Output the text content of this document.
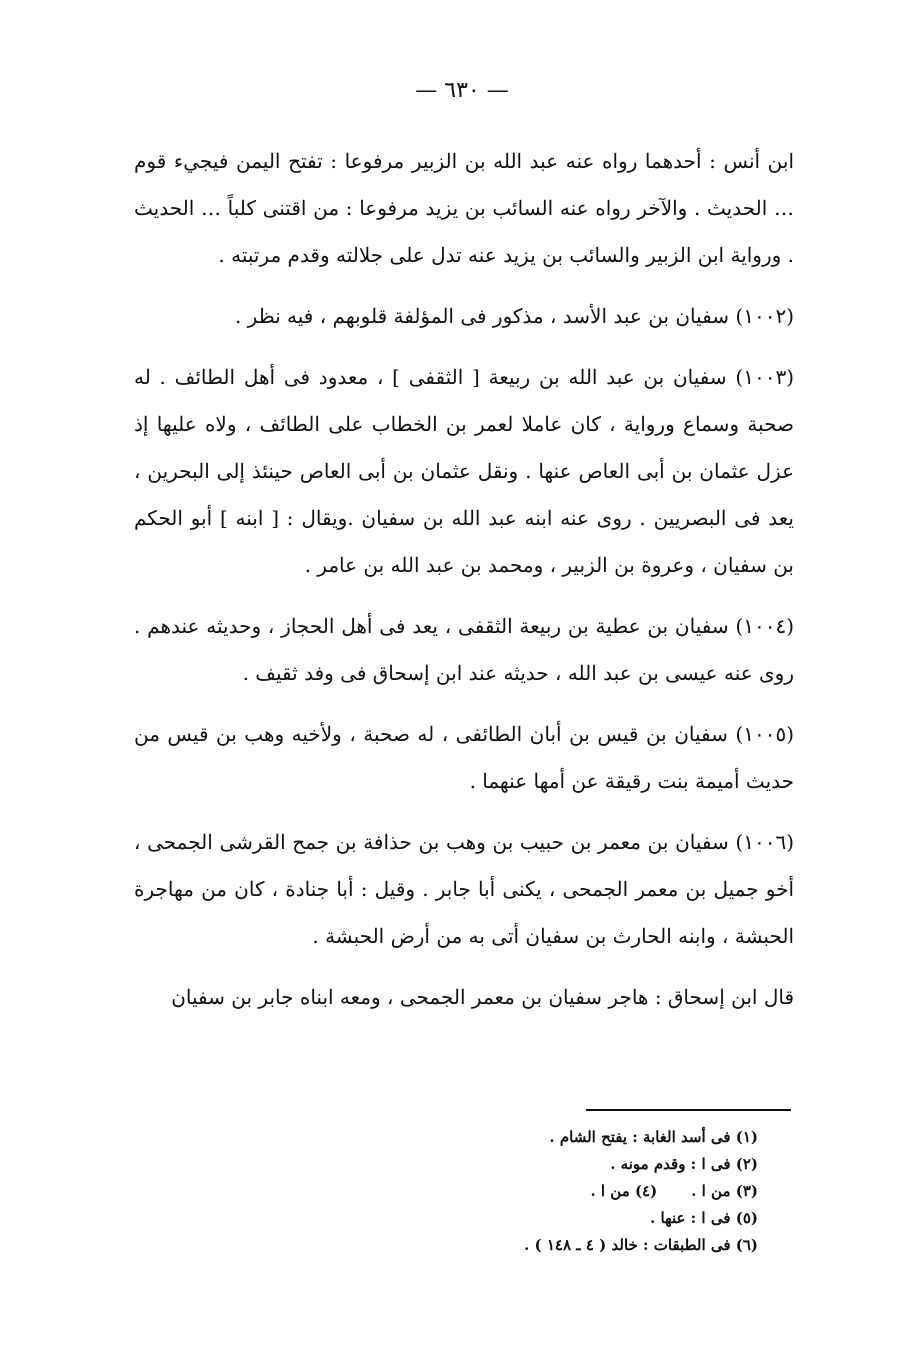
— ٦٣٠ —

ابن أنس : أحدهما رواه عنه عبد الله بن الزبير مرفوعا : تفتح اليمن فيجيء قوم … الحديث . والآخر رواه عنه السائب بن يزيد مرفوعا : من اقتنى كلباً … الحديث . ورواية ابن الزبير والسائب بن يزيد عنه تدل على جلالته وقدم مرتبته .

(١٠٠٢) سفيان بن عبد الأسد ، مذكور فى المؤلفة قلوبهم ، فيه نظر .

(١٠٠٣) سفيان بن عبد الله بن ربيعة [ الثقفى ] ، معدود فى أهل الطائف . له صحبة وسماع ورواية ، كان عاملا لعمر بن الخطاب على الطائف ، ولاه عليها إذ عزل عثمان بن أبى العاص عنها . ونقل عثمان بن أبى العاص حينئذ إلى البحرين ، يعد فى البصريين . روى عنه ابنه عبد الله بن سفيان .ويقال : [ ابنه ] أبو الحكم بن سفيان ، وعروة بن الزبير ، ومحمد بن عبد الله بن عامر .

(١٠٠٤) سفيان بن عطية بن ربيعة الثقفى ، يعد فى أهل الحجاز ، وحديثه عندهم . روى عنه عيسى بن عبد الله ، حديثه عند ابن إسحاق فى وفد ثقيف .

(١٠٠٥) سفيان بن قيس بن أبان الطائفى ، له صحبة ، ولأخيه وهب بن قيس من حديث أميمة بنت رقيقة عن أمها عنهما .

(١٠٠٦) سفيان بن معمر بن حبيب بن وهب بن حذافة بن جمح القرشى الجمحى ، أخو جميل بن معمر الجمحى ، يكنى أبا جابر . وقيل : أبا جنادة ، كان من مهاجرة الحبشة ، وابنه الحارث بن سفيان أتى به من أرض الحبشة .

قال ابن إسحاق : هاجر سفيان بن معمر الجمحى ، ومعه ابناه جابر بن سفيان

(١) فى أسد الغابة : يفتح الشام .
(٢) فى ا : وقدم مونه .
(٣) من ا .(٤) من ا .
(٥) فى ا : عنها .
(٦) فى الطبقات : خالد ( ٤ ـ ١٤٨ ) .
